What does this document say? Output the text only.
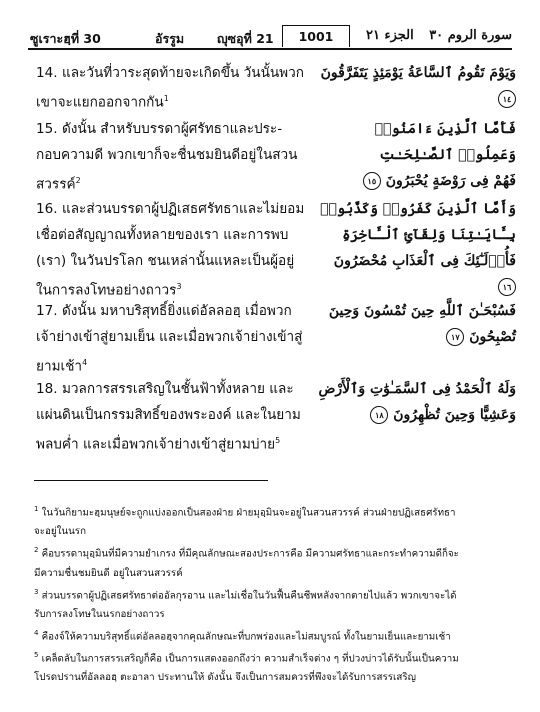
ซูเราะฮฺที่ 30	อัรรูม	ญุซอุที่ 21	1001	الجزء ٢١ سورة الروم ٣٠
14. และวันที่วาระสุดท้ายจะเกิดขึ้น วันนั้นพวก
เขาจะแยกออกจากกัน$^1$
وَيَوْمَ تَقُومُ ٱلسَّاعَةُ يَوْمَئِذٍ يَتَفَرَّقُونَ ١٤
15. ดังนั้น สำหรับบรรดาผู้ศรัทธาและประ-
กอบความดี พวกเขาก็จะชื่นชมยินดีอยู่ในสวน
สวรรค์$^2$
فَأَمَّا ٱلَّذِينَ ءَامَنُوا۟ وَعَمِلُوا۟ ٱلصَّـٰلِحَـٰتِ
فَهُمْ فِى رَوْضَةٍ يُحْبَرُونَ ١٥
16. และส่วนบรรดาผู้ปฏิเสธศรัทธาและไม่ยอม
เชื่อต่อสัญญาณทั้งหลายของเรา และการพบ
(เรา) ในวันปรโลก ชนเหล่านั้นแหละเป็นผู้อยู่
ในการลงโทษอย่างถาวร$^3$
وَأَمَّا ٱلَّذِينَ كَفَرُوا۟ وَكَذَّبُوا۟ بِـَٔايَـٰتِنَا وَلِقَآئِ ٱلْـَٔاخِرَةِ
فَأُو۟لَـٰٓئِكَ فِى ٱلْعَذَابِ مُحْضَرُونَ ١٦
17. ดังนั้น มหาบริสุทธิ์ยิ่งแด่อัลลอฮฺ เมื่อพวก
เจ้าย่างเข้าสู่ยามเย็น และเมื่อพวกเจ้าย่างเข้าสู่
ยามเช้า$^4$
فَسُبْحَـٰنَ ٱللَّهِ حِينَ تُمْسُونَ وَحِينَ
تُصْبِحُونَ ١٧
18. มวลการสรรเสริญในชั้นฟ้าทั้งหลาย และ
แผ่นดินเป็นกรรมสิทธิ์ของพระองค์ และในยาม
พลบค่ำ และเมื่อพวกเจ้าย่างเข้าสู่ยามบ่าย$^5$
وَلَهُ ٱلْحَمْدُ فِى ٱلسَّمَـٰوَٰتِ وَٱلْأَرْضِ
وَعَشِيًّا وَحِينَ تُظْهِرُونَ ١٨
$^1$ ในวันกิยามะฮฺมนุษย์จะถูกแบ่งออกเป็นสองฝ่าย ฝ่ายมุอฺมินจะอยู่ในสวนสวรรค์ ส่วนฝ่ายปฏิเสธศรัทธา
จะอยู่ในนรก
$^2$ คือบรรดามุอฺมินที่มีความยำเกรง ที่มีคุณลักษณะสองประการคือ มีความศรัทธาและกระทำความดีก็จะ
มีความชื่นชมยินดี อยู่ในสวนสวรรค์
$^3$ ส่วนบรรดาผู้ปฏิเสธศรัทธาต่ออัลกุรอาน และไม่เชื่อในวันฟื้นคืนชีพหลังจากตายไปแล้ว พวกเขาจะได้
รับการลงโทษในนรกอย่างถาวร
$^4$ คืองจ์ให้ความบริสุทธิ์แด่อัลลอฮฺจากคุณลักษณะที่บกพร่องและไม่สมบูรณ์ ทั้งในยามเย็นและยามเช้า
$^5$ เคล็ดลับในการสรรเสริญก็คือ เป็นการแสดงออกถึงว่า ความสำเร็จต่าง ๆ ที่ปวงบ่าวได้รับนั้นเป็นความ
โปรดปรานที่อัลลอฮฺ ตะอาลา ประทานให้ ดังนั้น จึงเป็นการสมควรที่พึงจะได้รับการสรรเสริญ
